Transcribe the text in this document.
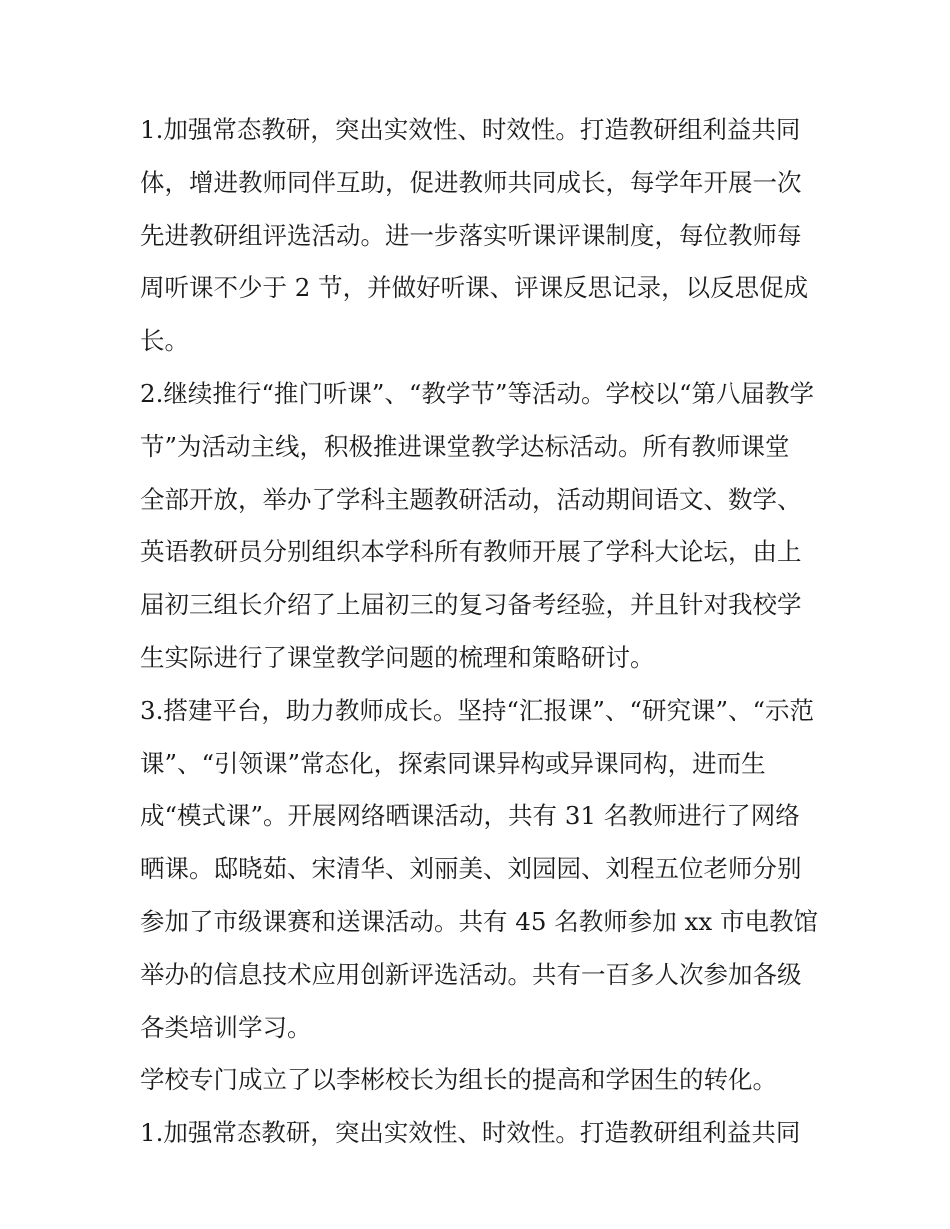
1.加强常态教研，突出实效性、时效性。打造教研组利益共同
体，增进教师同伴互助，促进教师共同成长，每学年开展一次
先进教研组评选活动。进一步落实听课评课制度，每位教师每
周听课不少于 2 节，并做好听课、评课反思记录，以反思促成
长。
2.继续推行“推门听课”、“教学节”等活动。学校以“第八届教学
节”为活动主线，积极推进课堂教学达标活动。所有教师课堂
全部开放，举办了学科主题教研活动，活动期间语文、数学、
英语教研员分别组织本学科所有教师开展了学科大论坛，由上
届初三组长介绍了上届初三的复习备考经验，并且针对我校学
生实际进行了课堂教学问题的梳理和策略研讨。
3.搭建平台，助力教师成长。坚持“汇报课”、“研究课”、“示范
课”、“引领课”常态化，探索同课异构或异课同构，进而生
成“模式课”。开展网络晒课活动，共有 31 名教师进行了网络
晒课。邸晓茹、宋清华、刘丽美、刘园园、刘程五位老师分别
参加了市级课赛和送课活动。共有 45 名教师参加 xx 市电教馆
举办的信息技术应用创新评选活动。共有一百多人次参加各级
各类培训学习。
学校专门成立了以李彬校长为组长的提高和学困生的转化。
1.加强常态教研，突出实效性、时效性。打造教研组利益共同
